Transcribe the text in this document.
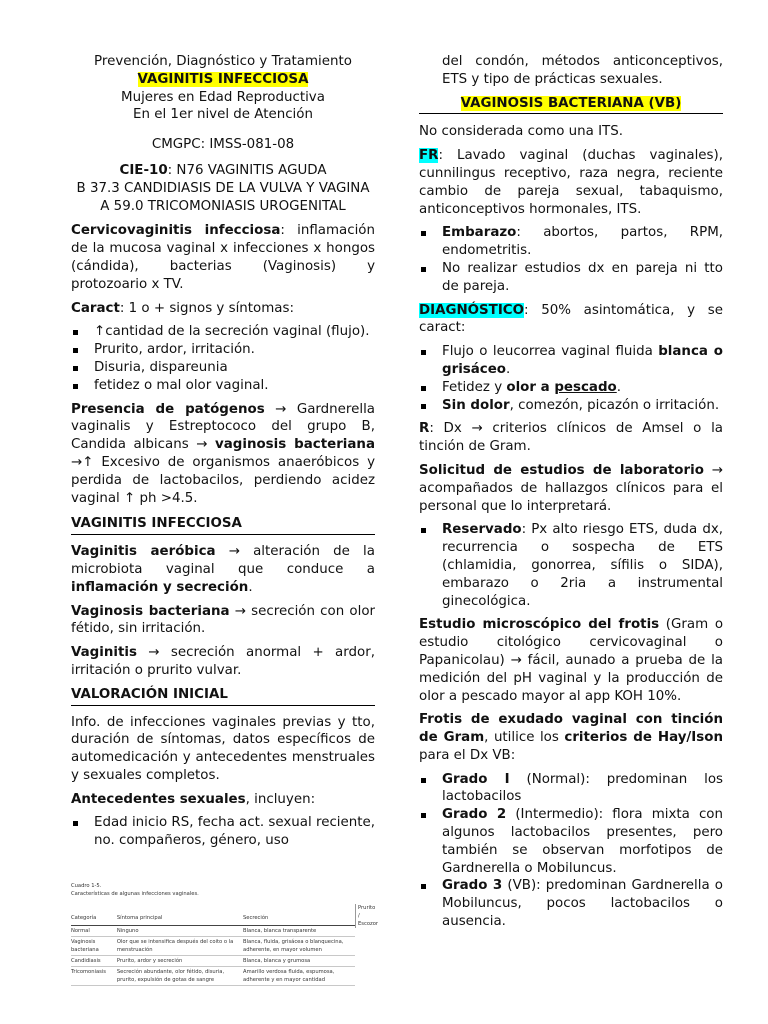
Prevención, Diagnóstico y Tratamiento
VAGINITIS INFECCIOSA
Mujeres en Edad Reproductiva
En el 1er nivel de Atención
CMGPC: IMSS-081-08
CIE-10: N76 VAGINITIS AGUDA
B 37.3 CANDIDIASIS DE LA VULVA Y VAGINA
A 59.0 TRICOMONIASIS UROGENITAL

Cervicovaginitis infecciosa: inflamación de la mucosa vaginal x infecciones x hongos (cándida), bacterias (Vaginosis) y protozoario x TV.

Caract: 1 o + signos y síntomas:

↑cantidad de la secreción vaginal (flujo).
Prurito, ardor, irritación.
Disuria, dispareunia
fetidez o mal olor vaginal.

Presencia de patógenos → Gardnerella vaginalis y Estreptococo del grupo B, Candida albicans → vaginosis bacteriana →↑ Excesivo de organismos anaeróbicos y perdida de lactobacilos, perdiendo acidez vaginal ↑ ph >4.5.

VAGINITIS INFECCIOSA

Vaginitis aeróbica → alteración de la microbiota vaginal que conduce a inflamación y secreción.

Vaginosis bacteriana → secreción con olor fétido, sin irritación.

Vaginitis → secreción anormal + ardor, irritación o prurito vulvar.

VALORACIÓN INICIAL

Info. de infecciones vaginales previas y tto, duración de síntomas, datos específicos de automedicación y antecedentes menstruales y sexuales completos.

Antecedentes sexuales, incluyen:

Edad inicio RS, fecha act. sexual reciente, no. compañeros, género, uso

del condón, métodos anticonceptivos, ETS y tipo de prácticas sexuales.

VAGINOSIS BACTERIANA (VB)

No considerada como una ITS.

FR: Lavado vaginal (duchas vaginales), cunnilingus receptivo, raza negra, reciente cambio de pareja sexual, tabaquismo, anticonceptivos hormonales, ITS.

Embarazo: abortos, partos, RPM, endometritis.
No realizar estudios dx en pareja ni tto de pareja.

DIAGNÓSTICO: 50% asintomática, y se caract:

Flujo o leucorrea vaginal fluida blanca o grisáceo.
Fetidez y olor a pescado.
Sin dolor, comezón, picazón o irritación.

R: Dx → criterios clínicos de Amsel o la tinción de Gram.

Solicitud de estudios de laboratorio → acompañados de hallazgos clínicos para el personal que lo interpretará.

Reservado: Px alto riesgo ETS, duda dx, recurrencia o sospecha de ETS (chlamidia, gonorrea, sífilis o SIDA), embarazo o 2ria a instrumental ginecológica.

Estudio microscópico del frotis (Gram o estudio citológico cervicovaginal o Papanicolau) → fácil, aunado a prueba de la medición del pH vaginal y la producción de olor a pescado mayor al app KOH 10%.

Frotis de exudado vaginal con tinción de Gram, utilice los criterios de Hay/Ison para el Dx VB:

Grado I (Normal): predominan los lactobacilos
Grado 2 (Intermedio): flora mixta con algunos lactobacilos presentes, pero también se observan morfotipos de Gardnerella o Mobiluncus.
Grado 3 (VB): predominan Gardnerella o Mobiluncus, pocos lactobacilos o ausencia.

Cuadro 1-5.

Características de algunas infecciones vaginales.

Categoría	Síntoma principal	Secreción
Normal	Ninguno	Blanca, blanca transparente
Vaginosis bacteriana	Olor que se intensifica después del coito o la menstruación	Blanca, fluida, grisácea o blanquecina, adherente, en mayor volumen
Candidiasis	Prurito, ardor y secreción	Blanca, blanca y grumosa
Tricomoniasis	Secreción abundante, olor fétido, disuria, prurito, expulsión de gotas de sangre	Amarillo verdosa fluida, espumosa, adherente y en mayor cantidad
Prurito / Escozor
